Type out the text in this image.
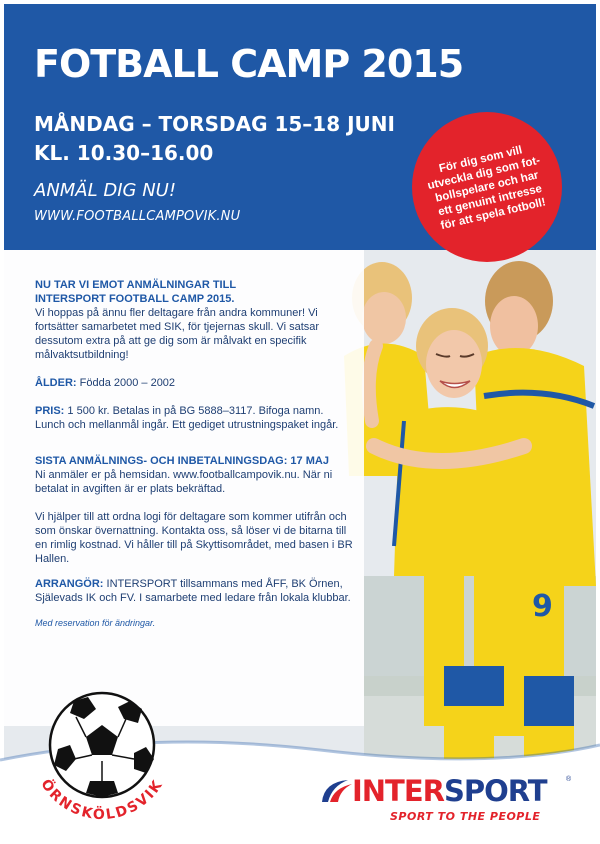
9
FOTBALL CAMP 2015
MÅNDAG – TORSDAG 15–18 JUNI
KL. 10.30–16.00
ANMÄL DIG NU!
WWW.FOOTBALLCAMPOVIK.NU
För dig som vill utveckla dig som fot-bollspelare och har ett genuint intresse för att spela fotboll!

NU TAR VI EMOT ANMÄLNINGAR TILL
INTERSPORT FOOTBALL CAMP 2015.
Vi hoppas på ännu fler deltagare från andra kommuner! Vi fortsätter samarbetet med SIK, för tjejernas skull. Vi satsar dessutom extra på att ge dig som är målvakt en specifik målvaktsutbildning!

ÅLDER: Födda 2000 – 2002

PRIS: 1 500 kr. Betalas in på BG 5888–3117. Bifoga namn. Lunch och mellanmål ingår. Ett gediget utrustningspaket ingår.

SISTA ANMÄLNINGS- OCH INBETALNINGSDAG: 17 MAJ
Ni anmäler er på hemsidan. www.footballcampovik.nu. När ni betalat in avgiften är er plats bekräftad.

Vi hjälper till att ordna logi för deltagare som kommer utifrån och som önskar övernattning. Kontakta oss, så löser vi de bitarna till en rimlig kostnad. Vi håller till på Skyttisområdet, med basen i BR Hallen.

ARRANGÖR: INTERSPORT tillsammans med ÅFF, BK Örnen, Själevads IK och FV. I samarbete med ledare från lokala klubbar.

Med reservation för ändringar.

ÖRNSKÖLDSVIK	INTERSPORT	®
SPORT TO THE PEOPLE
